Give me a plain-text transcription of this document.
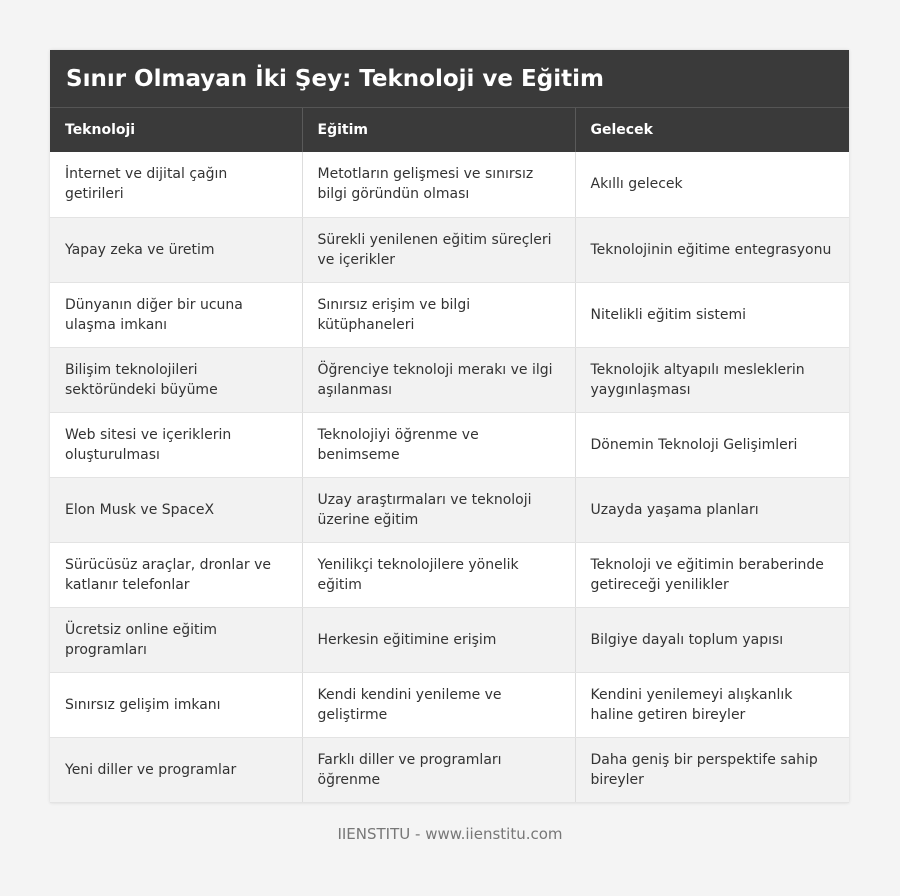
Sınır Olmayan İki Şey: Teknoloji ve Eğitim
Teknoloji	Eğitim	Gelecek
İnternet ve dijital çağın getirileri	Metotların gelişmesi ve sınırsız bilgi göründün olması	Akıllı gelecek
Yapay zeka ve üretim	Sürekli yenilenen eğitim süreçleri ve içerikler	Teknolojinin eğitime entegrasyonu
Dünyanın diğer bir ucuna ulaşma imkanı	Sınırsız erişim ve bilgi kütüphaneleri	Nitelikli eğitim sistemi
Bilişim teknolojileri sektöründeki büyüme	Öğrenciye teknoloji merakı ve ilgi aşılanması	Teknolojik altyapılı mesleklerin yaygınlaşması
Web sitesi ve içeriklerin oluşturulması	Teknolojiyi öğrenme ve benimseme	Dönemin Teknoloji Gelişimleri
Elon Musk ve SpaceX	Uzay araştırmaları ve teknoloji üzerine eğitim	Uzayda yaşama planları
Sürücüsüz araçlar, dronlar ve katlanır telefonlar	Yenilikçi teknolojilere yönelik eğitim	Teknoloji ve eğitimin beraberinde getireceği yenilikler
Ücretsiz online eğitim programları	Herkesin eğitimine erişim	Bilgiye dayalı toplum yapısı
Sınırsız gelişim imkanı	Kendi kendini yenileme ve geliştirme	Kendini yenilemeyi alışkanlık haline getiren bireyler
Yeni diller ve programlar	Farklı diller ve programları öğrenme	Daha geniş bir perspektife sahip bireyler
IIENSTITU - www.iienstitu.com
